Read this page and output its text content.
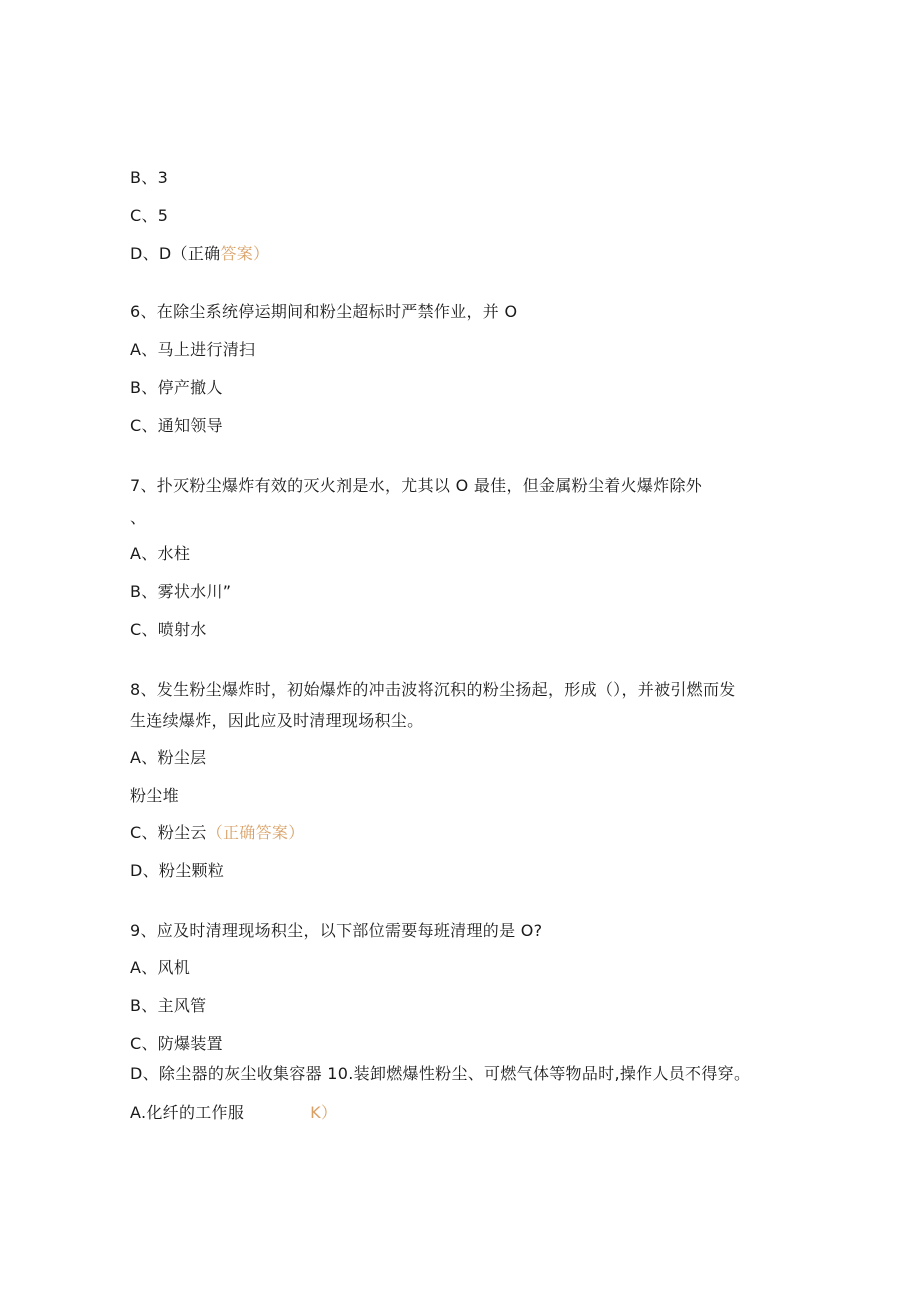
B、3
C、5
D、D（正确答案）
6、在除尘系统停运期间和粉尘超标时严禁作业，并 O
A、马上进行清扫
B、停产撤人
C、通知领导
7、扑灭粉尘爆炸有效的灭火剂是水，尤其以 O 最佳，但金属粉尘着火爆炸除外
、
A、水柱
B、雾状水川”
C、喷射水
8、发生粉尘爆炸时，初始爆炸的冲击波将沉积的粉尘扬起，形成（），并被引燃而发
生连续爆炸，因此应及时清理现场积尘。
A、粉尘层
粉尘堆
C、粉尘云（正确答案）
D、粉尘颗粒
9、应及时清理现场积尘，以下部位需要每班清理的是 O?
A、风机
B、主风管
C、防爆装置
D、除尘器的灰尘收集容器 10.装卸燃爆性粉尘、可燃气体等物品时,操作人员不得穿。
A.化纤的工作服	K）
